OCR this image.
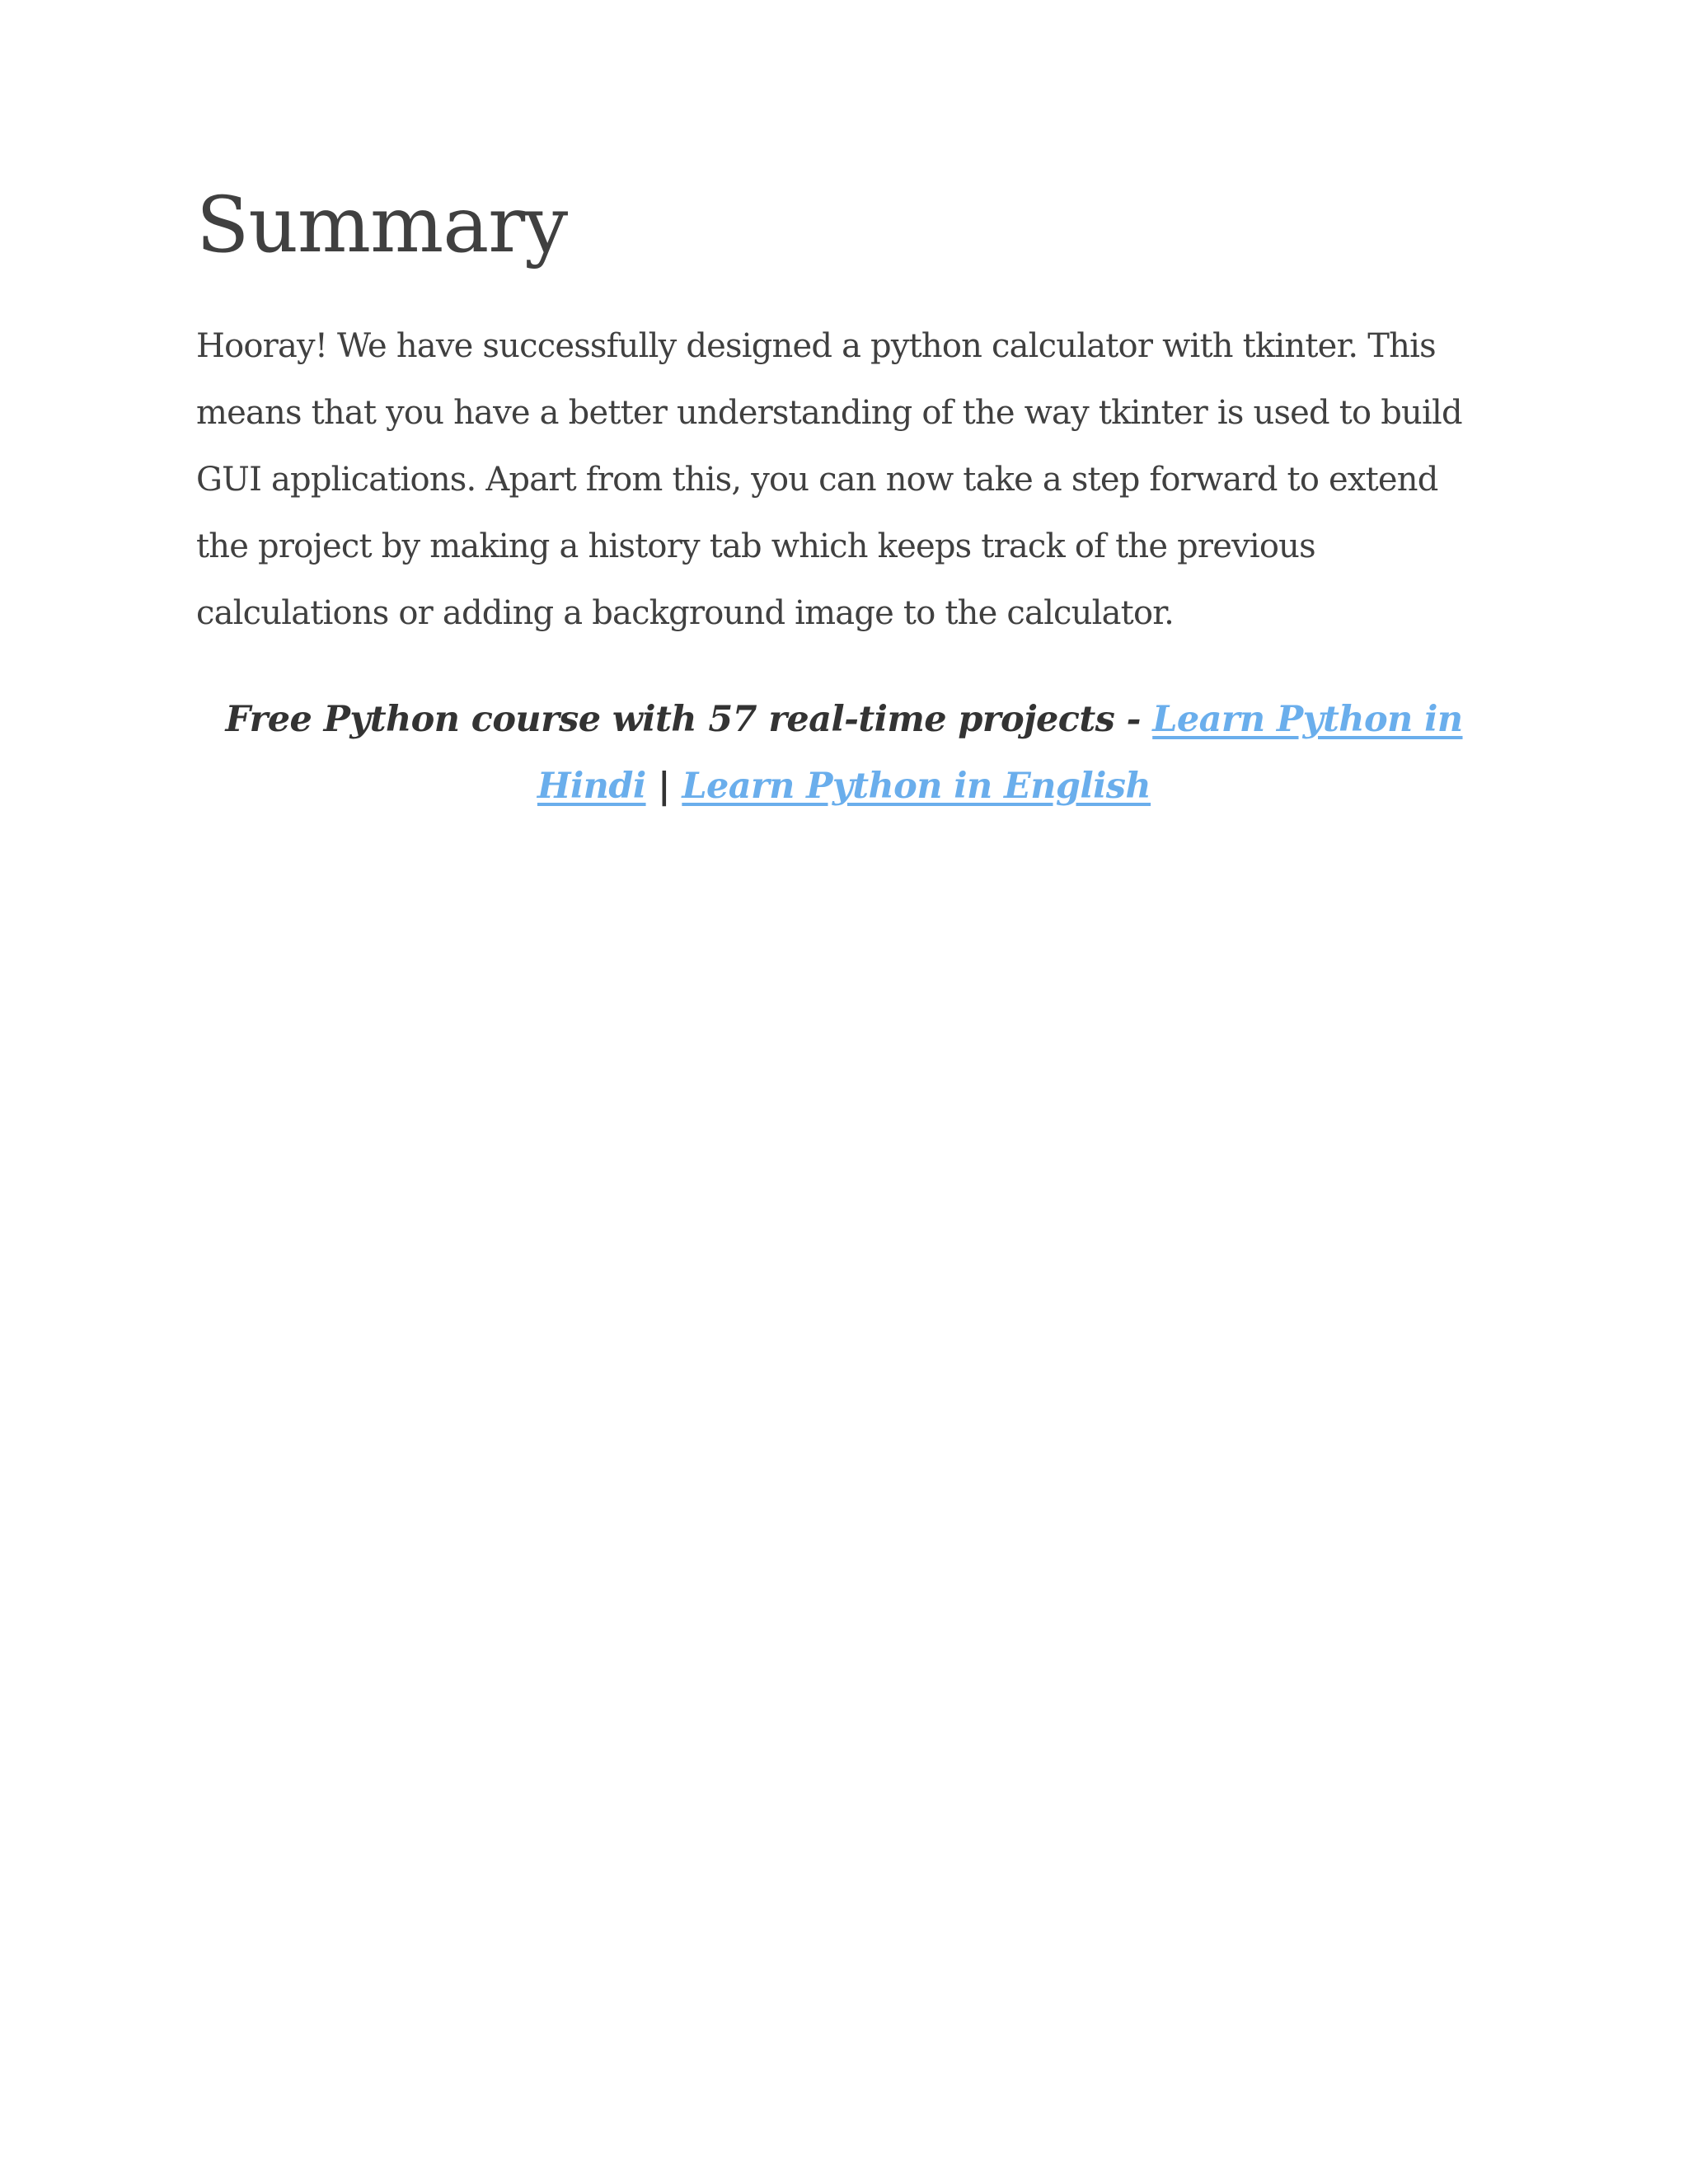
Summary

Hooray! We have successfully designed a python calculator with tkinter. This means that you have a better understanding of the way tkinter is used to build GUI applications. Apart from this, you can now take a step forward to extend the project by making a history tab which keeps track of the previous calculations or adding a background image to the calculator.

Free Python course with 57 real-time projects - Learn Python in Hindi | Learn Python in English
